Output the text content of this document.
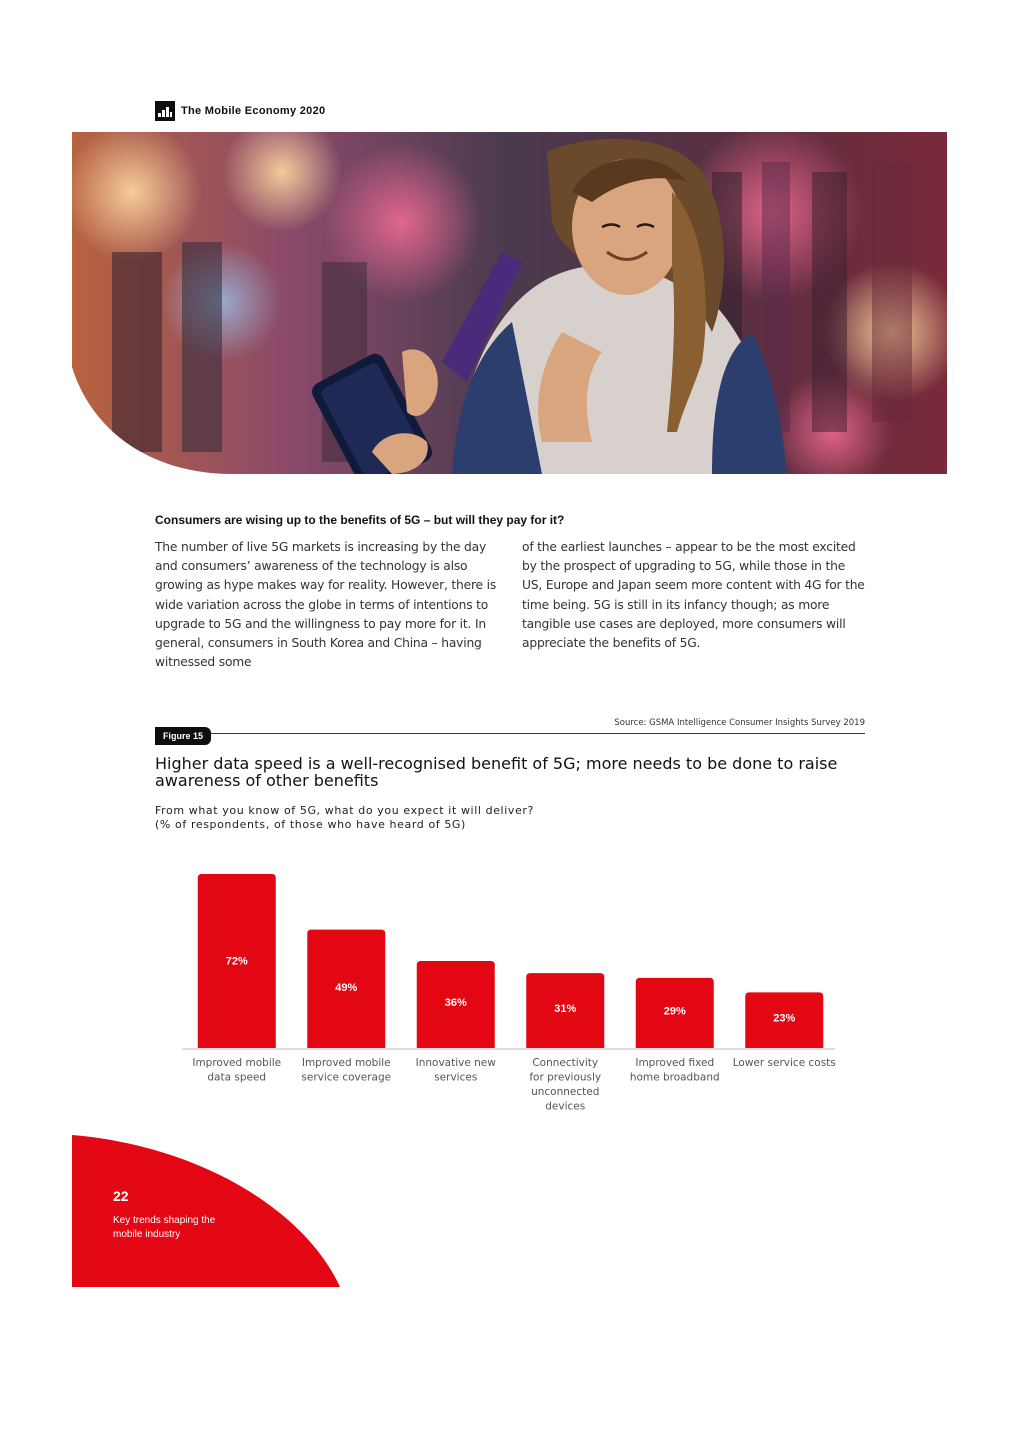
The Mobile Economy 2020
Consumers are wising up to the benefits of 5G – but will they pay for it?

The number of live 5G markets is increasing by the day and consumers’ awareness of the technology is also growing as hype makes way for reality. However, there is wide variation across the globe in terms of intentions to upgrade to 5G and the willingness to pay more for it. In general, consumers in South Korea and China – having witnessed some

of the earliest launches – appear to be the most excited by the prospect of upgrading to 5G, while those in the US, Europe and Japan seem more content with 4G for the time being. 5G is still in its infancy though; as more tangible use cases are deployed, more consumers will appreciate the benefits of 5G.

Figure 15
Source: GSMA Intelligence Consumer Insights Survey 2019
Higher data speed is a well-recognised benefit of 5G; more needs to be done to raise awareness of other benefits
From what you know of 5G, what do you expect it will deliver?
(% of respondents, of those who have heard of 5G)
72%
Improved mobile data speed
49%
Improved mobile service coverage
36%
Innovative new services
31%
Connectivity for previously unconnected devices
29%
Improved fixed home broadband
23%
Lower service costs
22
Key trends shaping the mobile industry
